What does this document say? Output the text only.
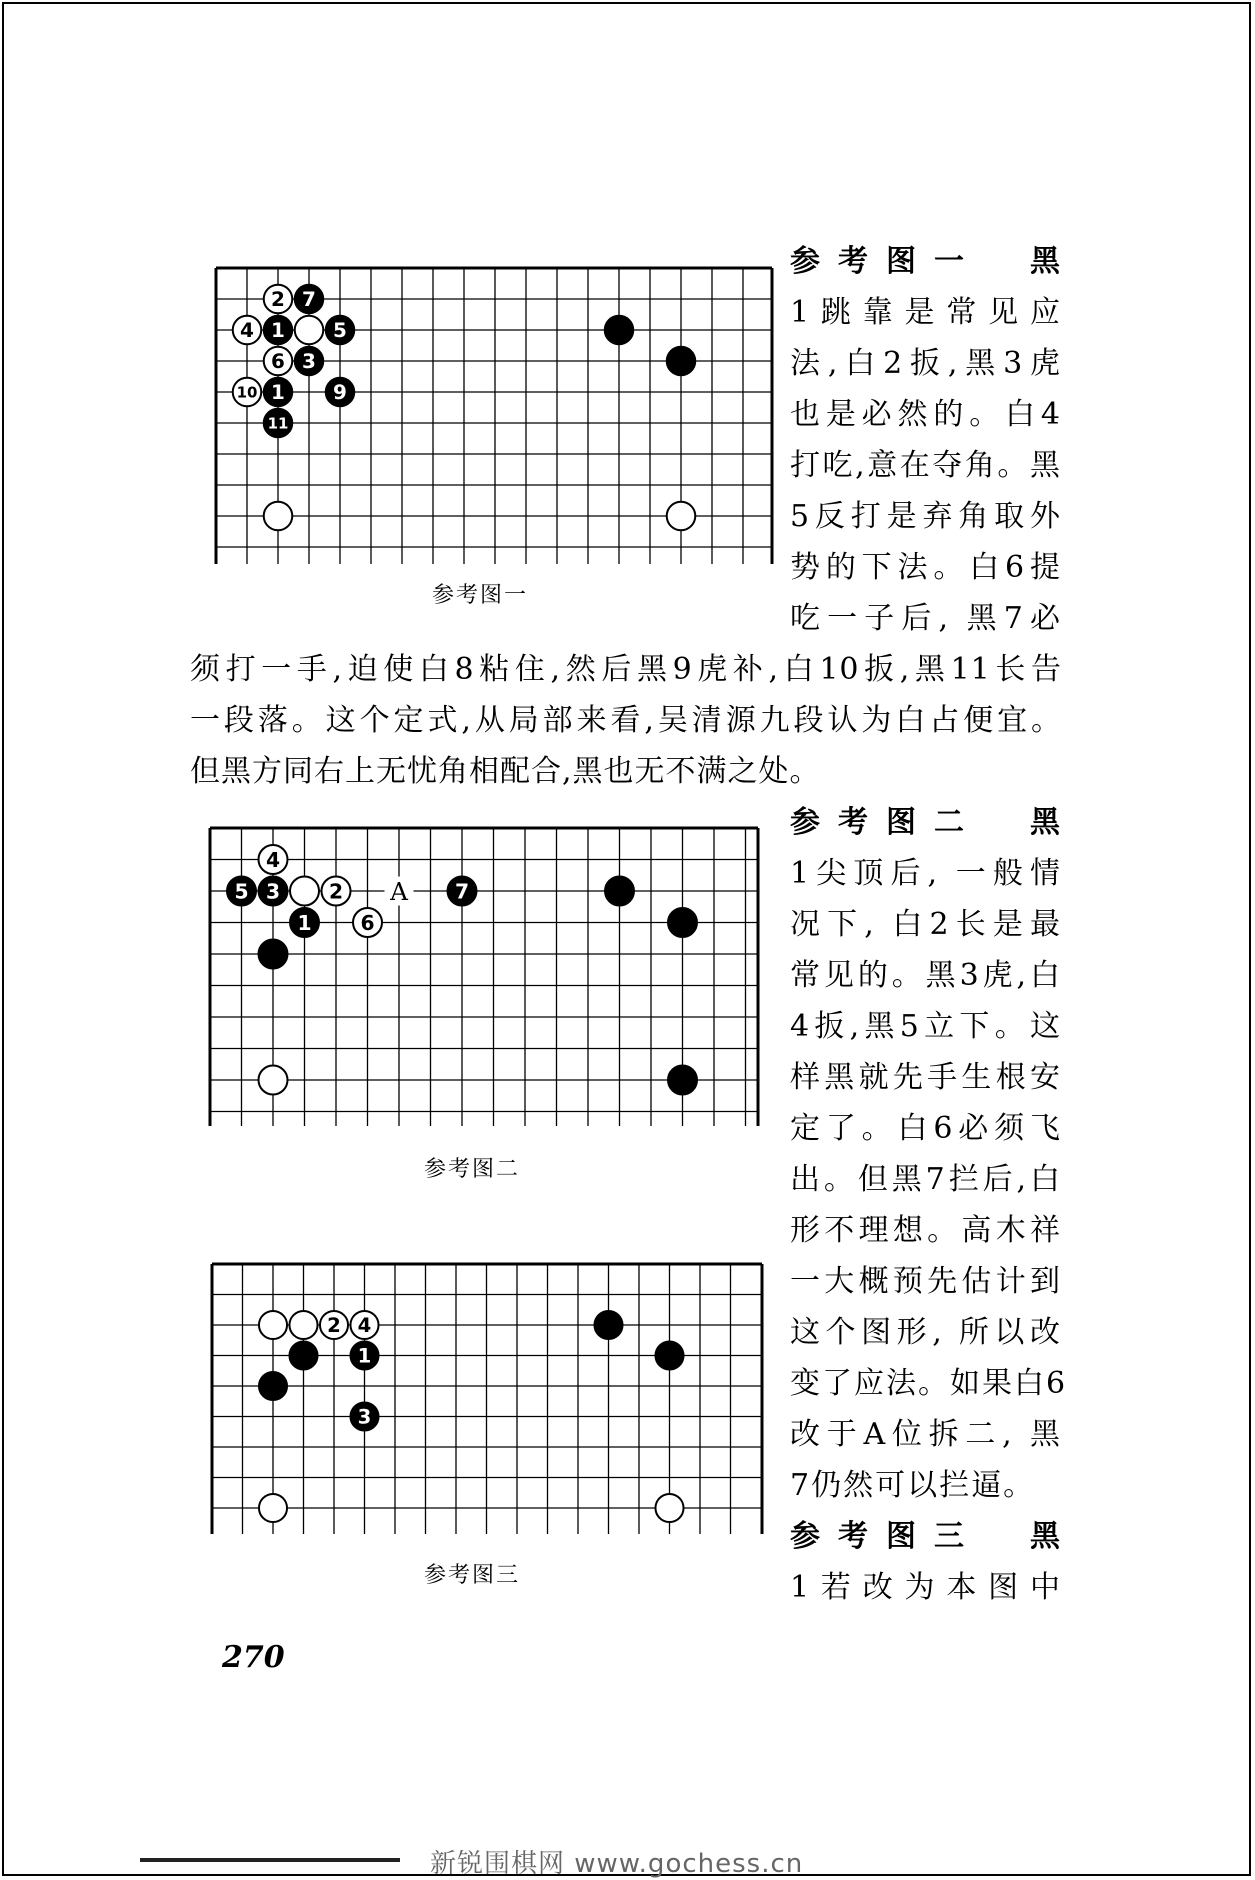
2 7
4 1 5
6 3
10 1 9
11
参考图一
A
4
5 3 2	7
1 6
参考图二
2 4
1
3
参考图三
参考图一　黑
1跳靠是常见应
法,白2扳,黑3虎
也是必然的。白4
打吃,意在夺角。黑
5反打是弃角取外
势的下法。白6提
吃一子后, 黑7必
须打一手,迫使白8粘住,然后黑9虎补,白10扳,黑11长告
一段落。这个定式,从局部来看,吴清源九段认为白占便宜。
但黑方同右上无忧角相配合,黑也无不满之处。
参考图二　黑
1尖顶后, 一般情
况下, 白2长是最
常见的。黑3虎,白
4扳,黑5立下。这
样黑就先手生根安
定了。白6必须飞
出。但黑7拦后,白
形不理想。高木祥
一大概预先估计到
这个图形, 所以改
变了应法。如果白6
改于A位拆二, 黑
7仍然可以拦逼。
参考图三　黑
1若改为本图中
270
新锐围棋网 www.gochess.cn
